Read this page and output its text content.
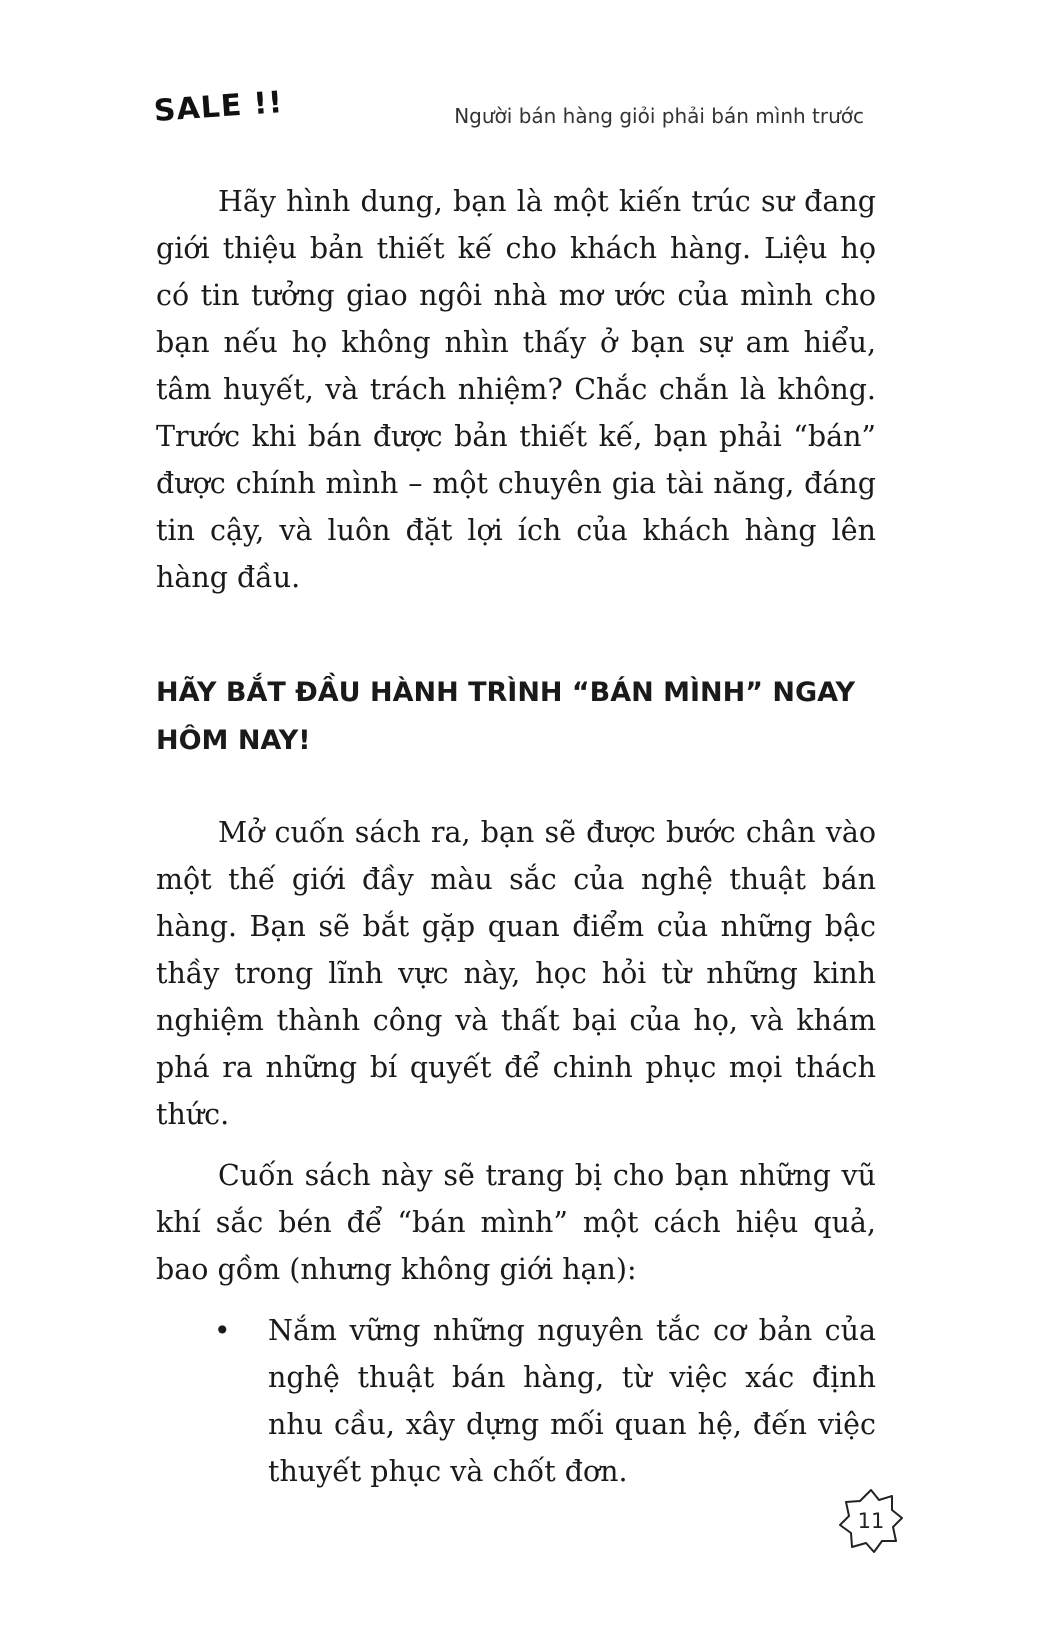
SALE !!	Người bán hàng giỏi phải bán mình trước

Hãy hình dung, bạn là một kiến trúc sư đang giới thiệu bản thiết kế cho khách hàng. Liệu họ có tin tưởng giao ngôi nhà mơ ước của mình cho bạn nếu họ không nhìn thấy ở bạn sự am hiểu, tâm huyết, và trách nhiệm? Chắc chắn là không. Trước khi bán được bản thiết kế, bạn phải “bán” được chính mình – một chuyên gia tài năng, đáng tin cậy, và luôn đặt lợi ích của khách hàng lên hàng đầu.

HÃY BẮT ĐẦU HÀNH TRÌNH “BÁN MÌNH” NGAY HÔM NAY!

Mở cuốn sách ra, bạn sẽ được bước chân vào một thế giới đầy màu sắc của nghệ thuật bán hàng. Bạn sẽ bắt gặp quan điểm của những bậc thầy trong lĩnh vực này, học hỏi từ những kinh nghiệm thành công và thất bại của họ, và khám phá ra những bí quyết để chinh phục mọi thách thức.

Cuốn sách này sẽ trang bị cho bạn những vũ khí sắc bén để “bán mình” một cách hiệu quả, bao gồm (nhưng không giới hạn):

• Nắm vững những nguyên tắc cơ bản của nghệ thuật bán hàng, từ việc xác định nhu cầu, xây dựng mối quan hệ, đến việc thuyết phục và chốt đơn.
11
